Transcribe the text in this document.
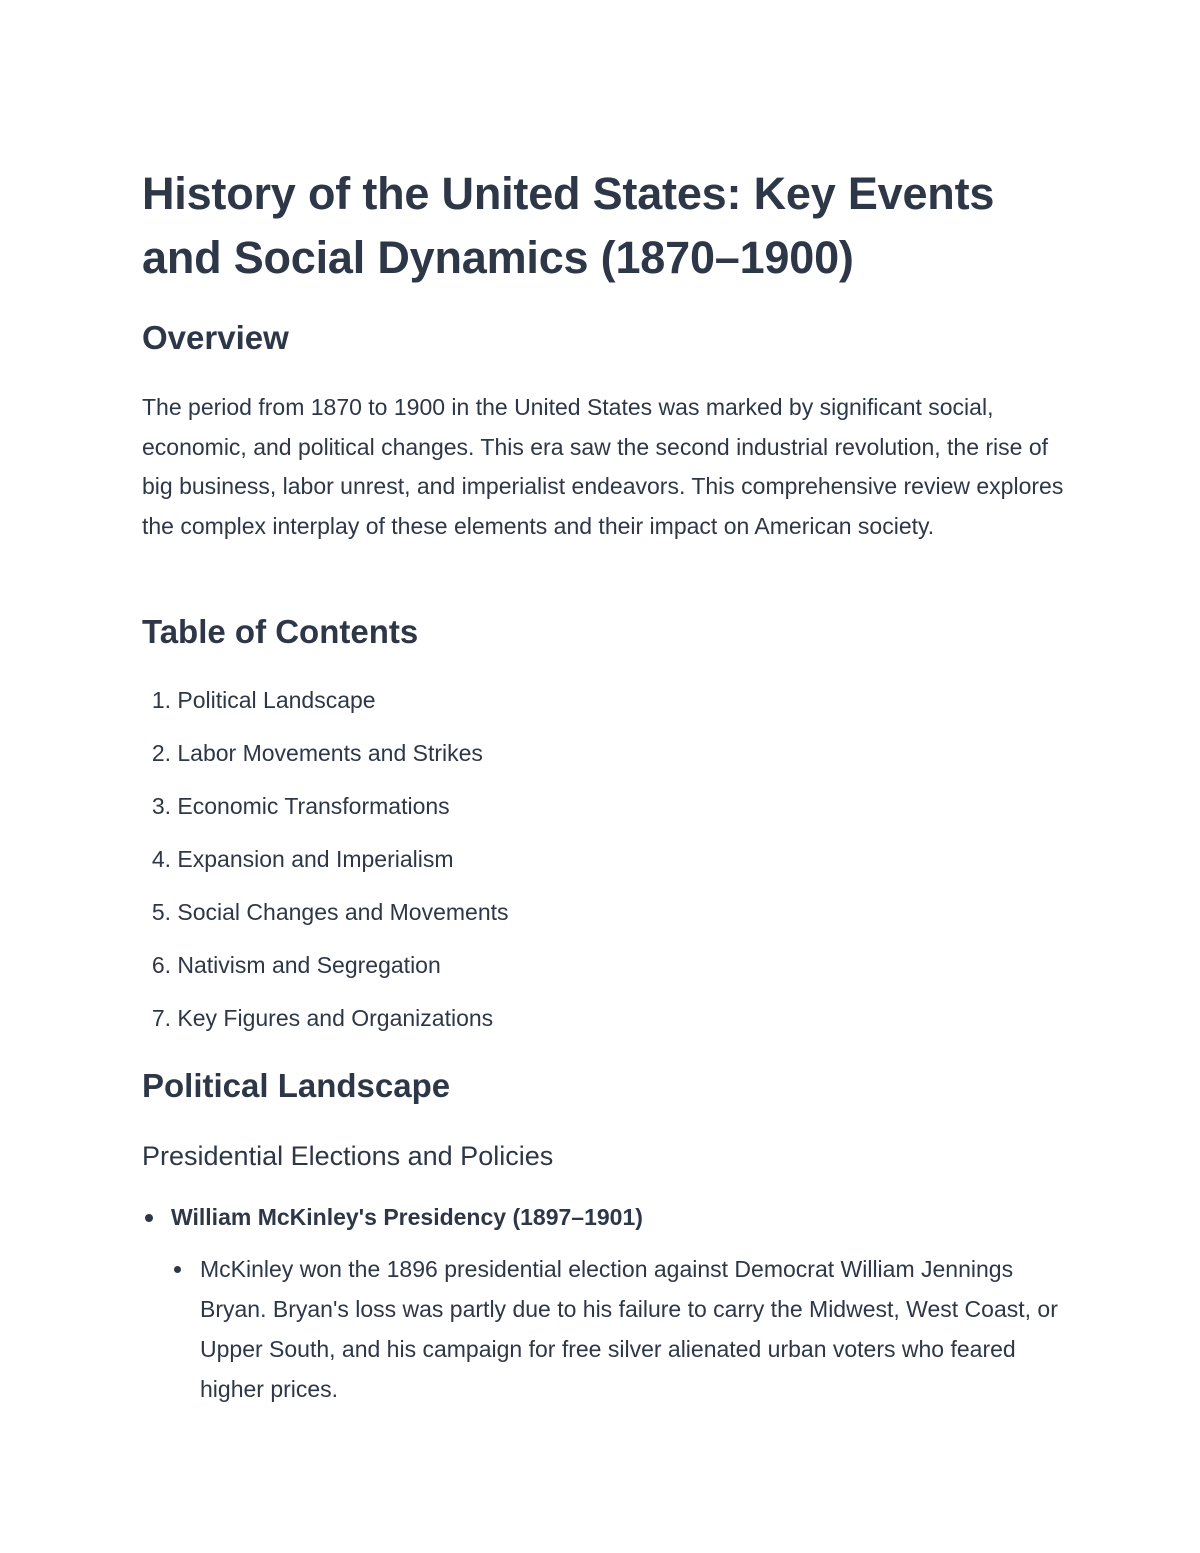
History of the United States: Key Events
and Social Dynamics (1870–1900)
Overview

The period from 1870 to 1900 in the United States was marked by significant social, economic, and political changes. This era saw the second industrial revolution, the rise of big business, labor unrest, and imperialist endeavors. This comprehensive review explores the complex interplay of these elements and their impact on American society.

Table of Contents
1. Political Landscape
2. Labor Movements and Strikes
3. Economic Transformations
4. Expansion and Imperialism
5. Social Changes and Movements
6. Nativism and Segregation
7. Key Figures and Organizations
Political Landscape
Presidential Elections and Policies
William McKinley's Presidency (1897–1901)
McKinley won the 1896 presidential election against Democrat William Jennings Bryan. Bryan's loss was partly due to his failure to carry the Midwest, West Coast, or Upper South, and his campaign for free silver alienated urban voters who feared higher prices.
